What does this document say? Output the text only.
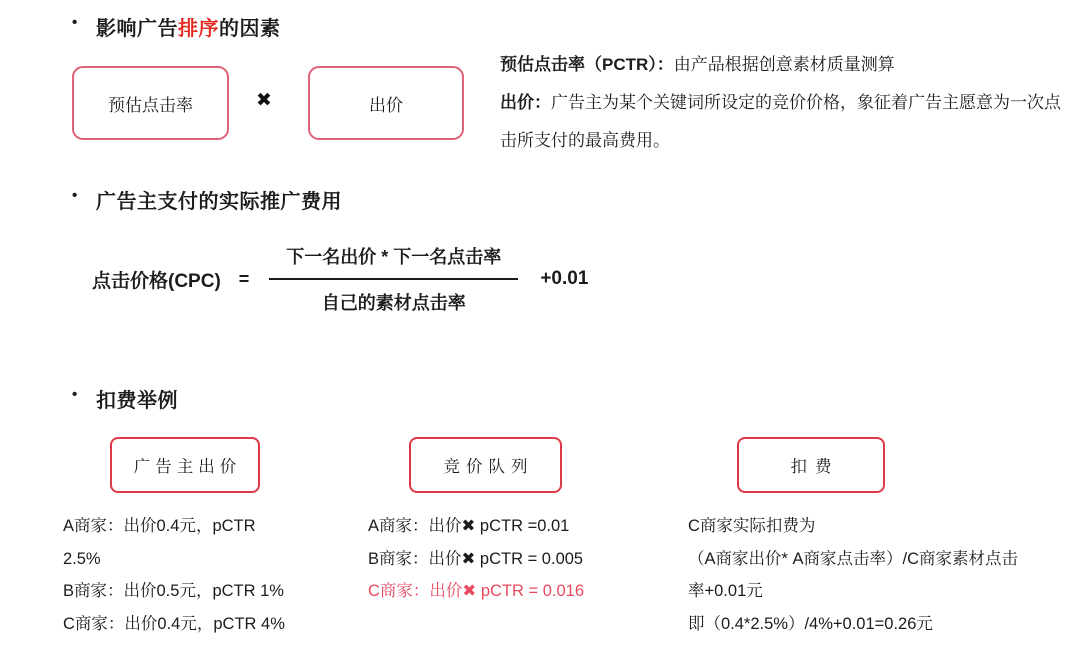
• 影响广告排序的因素
预估点击率	✖	出价

预估点击率（PCTR）：由产品根据创意素材质量测算

出价：广告主为某个关键词所设定的竞价价格，象征着广告主愿意为一次点击所支付的最高费用。

• 广告主支付的实际推广费用
点击价格$(CPC) = \frac{\text{下一名出价 * 下一名点击率}}{\text{自己的素材点击率}} +0.01$
• 扣费举例
广告主出价	竞价队列	扣费
A商家：出价0.4元，pCTR
2.5%
B商家：出价0.5元，pCTR 1%
C商家：出价0.4元，pCTR 4%
A商家：出价✖ pCTR =0.01
B商家：出价✖ pCTR = 0.005
C商家：出价✖ pCTR = 0.016
C商家实际扣费为
（A商家出价* A商家点击率）/C商家素材点击
率+0.01元
即（0.4*2.5%）/4%+0.01=0.26元
